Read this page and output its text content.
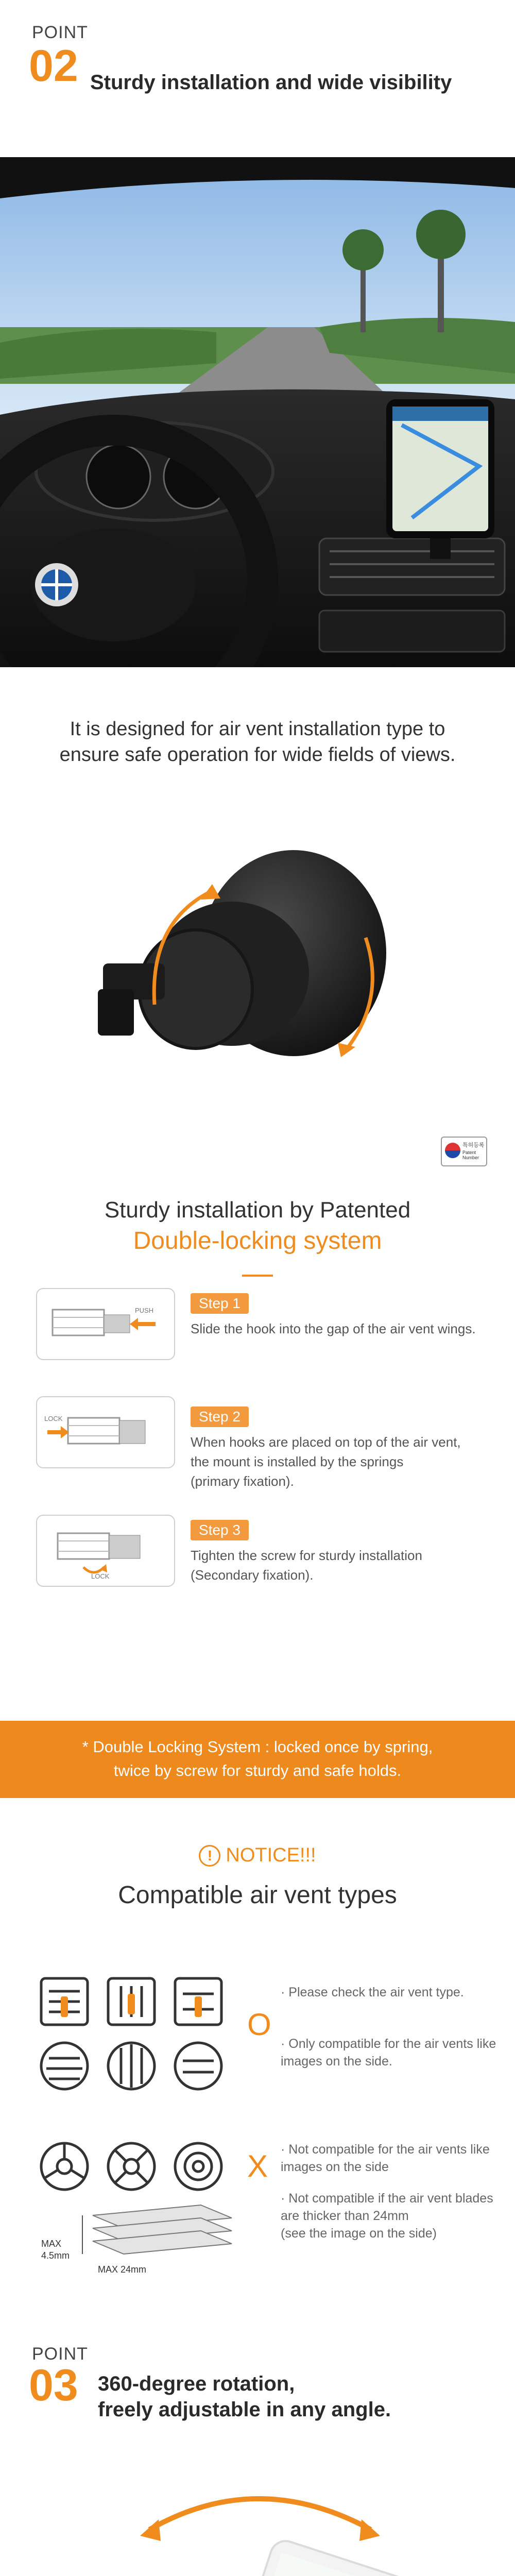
POINT
02 Sturdy installation and wide visibility
It is designed for air vent installation type to
ensure safe operation for wide fields of views.
특허등록
Patent Number
Sturdy installation by Patented
Double-locking system
PUSH	Step 1
Slide the hook into the gap of the air vent wings.
LOCK	Step 2
When hooks are placed on top of the air vent,
the mount is installed by the springs
(primary fixation).
LOCK
Step 3
Tighten the screw for sturdy installation
(Secondary fixation).
* Double Locking System : locked once by spring,
twice by screw for sturdy and safe holds.
! NOTICE!!!
Compatible air vent types
O
· Please check the air vent type.
· Only compatible for the air vents like
images on the side.
X · Not compatible for the air vents like
images on the side
· Not compatible if the air vent blades
are thicker than 24mm
(see the image on the side)
MAX
4.5mm
MAX 24mm
POINT
03 360-degree rotation,
freely adjustable in any angle.
